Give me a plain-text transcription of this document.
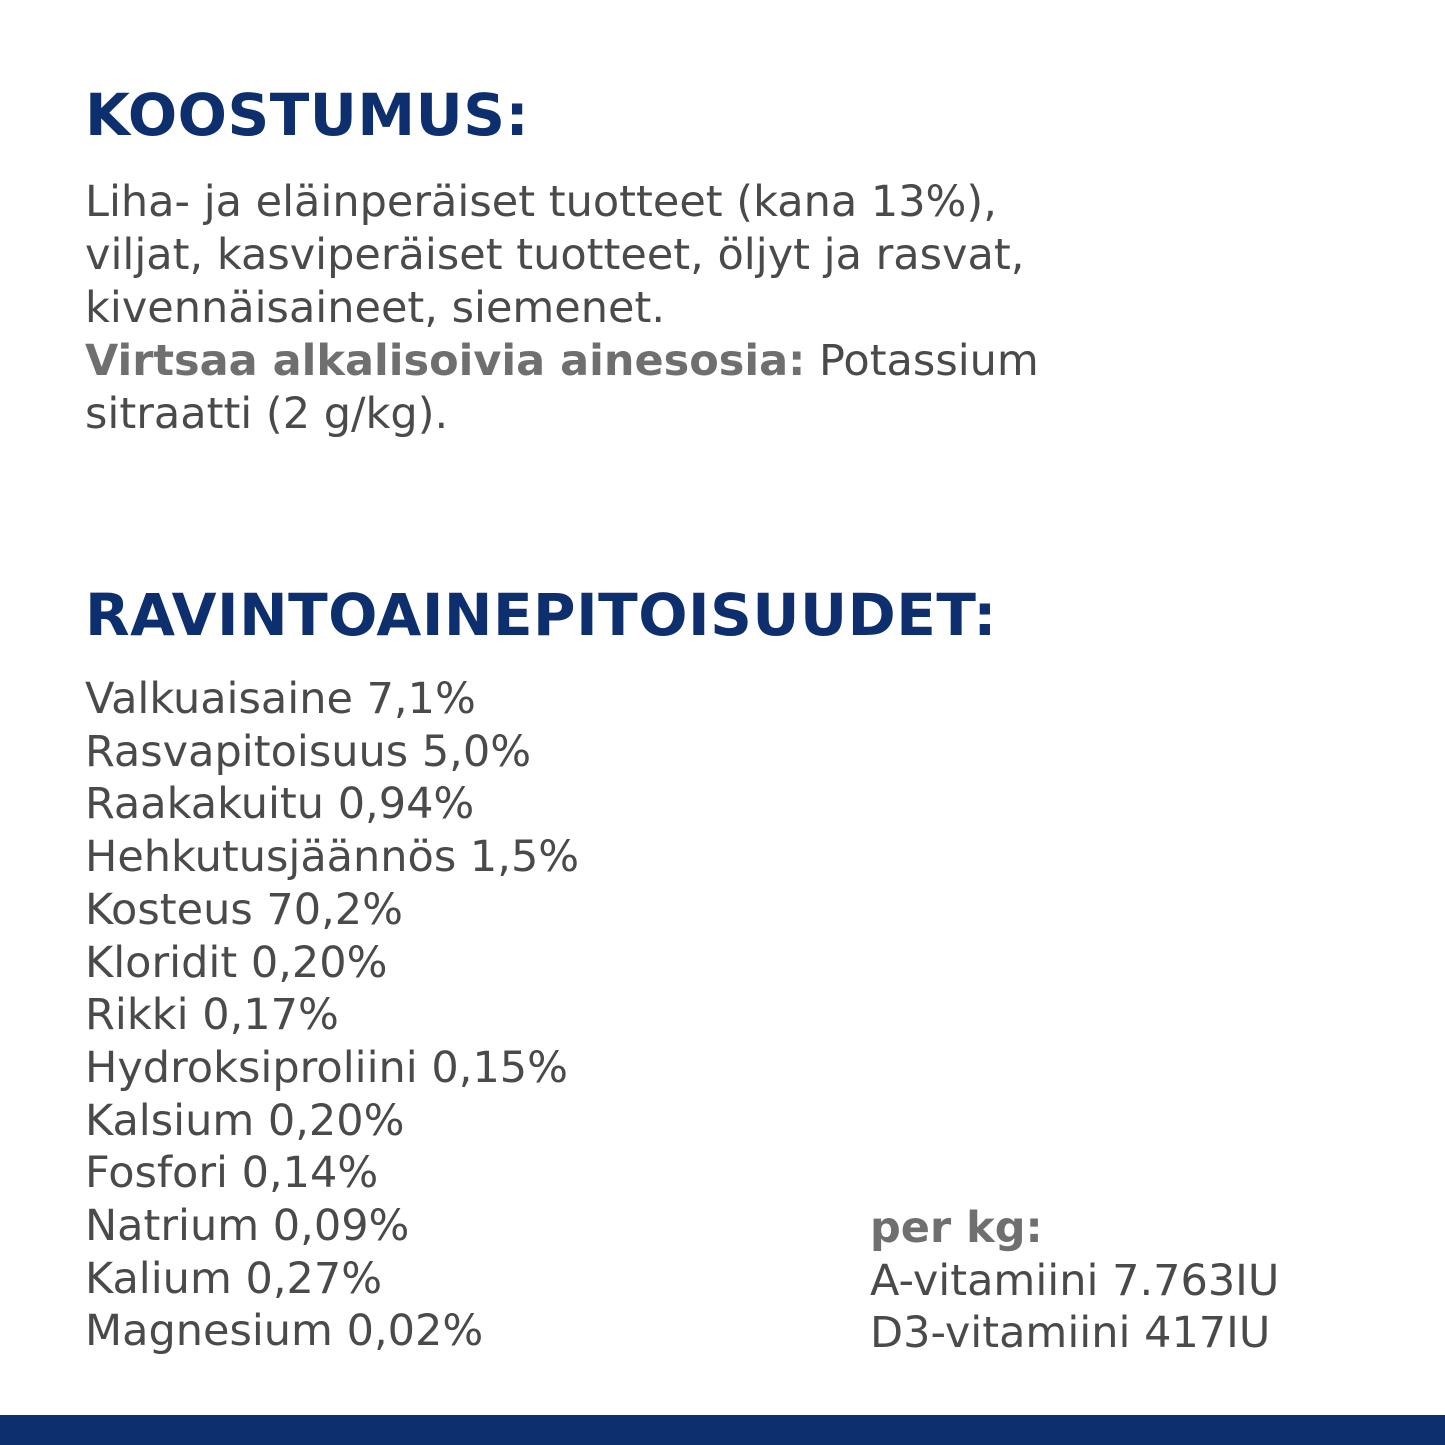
KOOSTUMUS:

Liha- ja eläinperäiset tuotteet (kana 13%),
viljat, kasviperäiset tuotteet, öljyt ja rasvat,
kivennäisaineet, siemenet.
Virtsaa alkalisoivia ainesosia: Potassium
sitraatti (2 g/kg).

RAVINTOAINEPITOISUUDET:
Valkuaisaine 7,1%
Rasvapitoisuus 5,0%
Raakakuitu 0,94%
Hehkutusjäännös 1,5%
Kosteus 70,2%
Kloridit 0,20%
Rikki 0,17%
Hydroksiproliini 0,15%
Kalsium 0,20%
Fosfori 0,14%
Natrium 0,09%
Kalium 0,27%
Magnesium 0,02%
per kg:
A-vitamiini 7.763IU
D3-vitamiini 417IU
